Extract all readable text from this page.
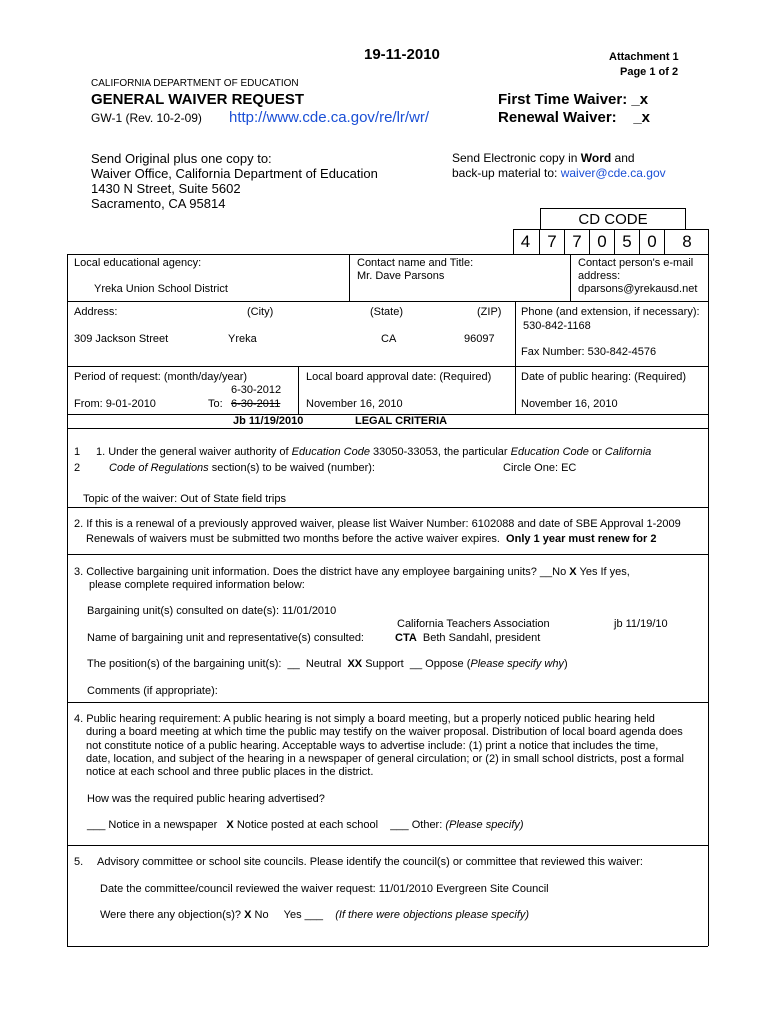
19-11-2010	Attachment 1
Page 1 of 2
CALIFORNIA DEPARTMENT OF EDUCATION
GENERAL WAIVER REQUEST
GW-1 (Rev. 10-2-09) http://www.cde.ca.gov/re/lr/wr/
First Time Waiver: _x
Renewal Waiver:    _x
Send Original plus one copy to:
Waiver Office, California Department of Education
1430 N Street, Suite 5602
Sacramento, CA 95814
Send Electronic copy in Word and
back-up material to: waiver@cde.ca.gov
CD CODE
4	7 7 0 5 0	8
Local educational agency:
Yreka Union School District
Contact name and Title:
Mr. Dave Parsons
Contact person's e-mail
address:
dparsons@yrekausd.net
Address:	(City)	(State)	(ZIP)
309 Jackson Street	Yreka	CA	96097
Phone (and extension, if necessary):
530-842-1168
Fax Number: 530-842-4576
Period of request: (month/day/year)
6-30-2012
From: 9-01-2010	To: 6-30-2011
Local board approval date: (Required)
November 16, 2010
Date of public hearing: (Required)
November 16, 2010
Jb 11/19/2010	LEGAL CRITERIA
1
2
1. Under the general waiver authority of Education Code 33050-33053, the particular Education Code or California
Code of Regulations section(s) to be waived (number):	Circle One: EC
Topic of the waiver: Out of State field trips
2. If this is a renewal of a previously approved waiver, please list Waiver Number: 6102088 and date of SBE Approval 1-2009
Renewals of waivers must be submitted two months before the active waiver expires. Only 1 year must renew for 2
3. Collective bargaining unit information. Does the district have any employee bargaining units? __No X Yes If yes,
please complete required information below:
Bargaining unit(s) consulted on date(s): 11/01/2010
California Teachers Association	jb 11/19/10
Name of bargaining unit and representative(s) consulted:	CTA Beth Sandahl, president
The position(s) of the bargaining unit(s):  __  Neutral  XX Support  __ Oppose (Please specify why)
Comments (if appropriate):
4. Public hearing requirement: A public hearing is not simply a board meeting, but a properly noticed public hearing held
during a board meeting at which time the public may testify on the waiver proposal. Distribution of local board agenda does
not constitute notice of a public hearing. Acceptable ways to advertise include: (1) print a notice that includes the time,
date, location, and subject of the hearing in a newspaper of general circulation; or (2) in small school districts, post a formal
notice at each school and three public places in the district.
How was the required public hearing advertised?
___ Notice in a newspaper   X Notice posted at each school    ___ Other: (Please specify)
5. Advisory committee or school site councils. Please identify the council(s) or committee that reviewed this waiver:
Date the committee/council reviewed the waiver request: 11/01/2010 Evergreen Site Council
Were there any objection(s)? X No     Yes ___    (If there were objections please specify)
